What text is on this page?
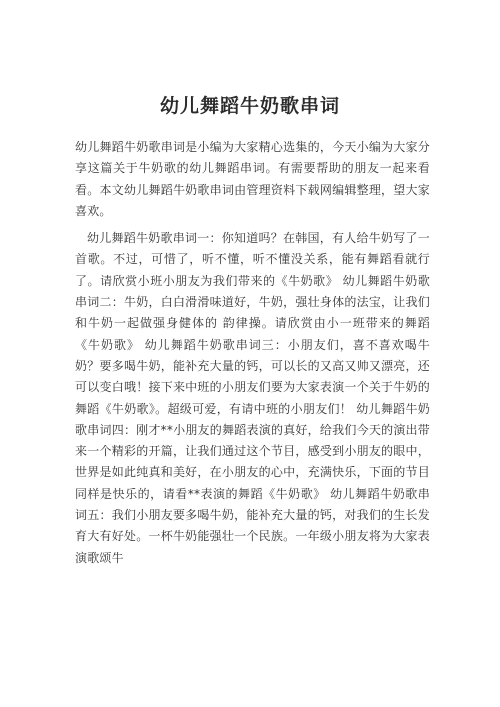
幼儿舞蹈牛奶歌串词

幼儿舞蹈牛奶歌串词是小编为大家精心选集的，今天小编为大家分享这篇关于牛奶歌的幼儿舞蹈串词。有需要帮助的朋友一起来看看。本文幼儿舞蹈牛奶歌串词由管理资料下载网编辑整理，望大家喜欢。

幼儿舞蹈牛奶歌串词一：你知道吗？在韩国，有人给牛奶写了一首歌。不过，可惜了，听不懂，听不懂没关系，能有舞蹈看就行了。请欣赏小班小朋友为我们带来的《牛奶歌》 幼儿舞蹈牛奶歌串词二：牛奶，白白滑滑味道好，牛奶，强壮身体的法宝，让我们和牛奶一起做强身健体的 韵律操。请欣赏由小一班带来的舞蹈《牛奶歌》 幼儿舞蹈牛奶歌串词三：小朋友们，喜不喜欢喝牛奶？要多喝牛奶，能补充大量的钙，可以长的又高又帅又漂亮，还可以变白哦！接下来中班的小朋友们要为大家表演一个关于牛奶的舞蹈《牛奶歌》。超级可爱，有请中班的小朋友们！ 幼儿舞蹈牛奶歌串词四：刚才**小朋友的舞蹈表演的真好，给我们今天的演出带来一个精彩的开篇，让我们通过这个节目，感受到小朋友的眼中，世界是如此纯真和美好，在小朋友的心中，充满快乐，下面的节目同样是快乐的，请看**表演的舞蹈《牛奶歌》 幼儿舞蹈牛奶歌串词五：我们小朋友要多喝牛奶，能补充大量的钙，对我们的生长发育大有好处。一杯牛奶能强壮一个民族。一年级小朋友将为大家表演歌颂牛
